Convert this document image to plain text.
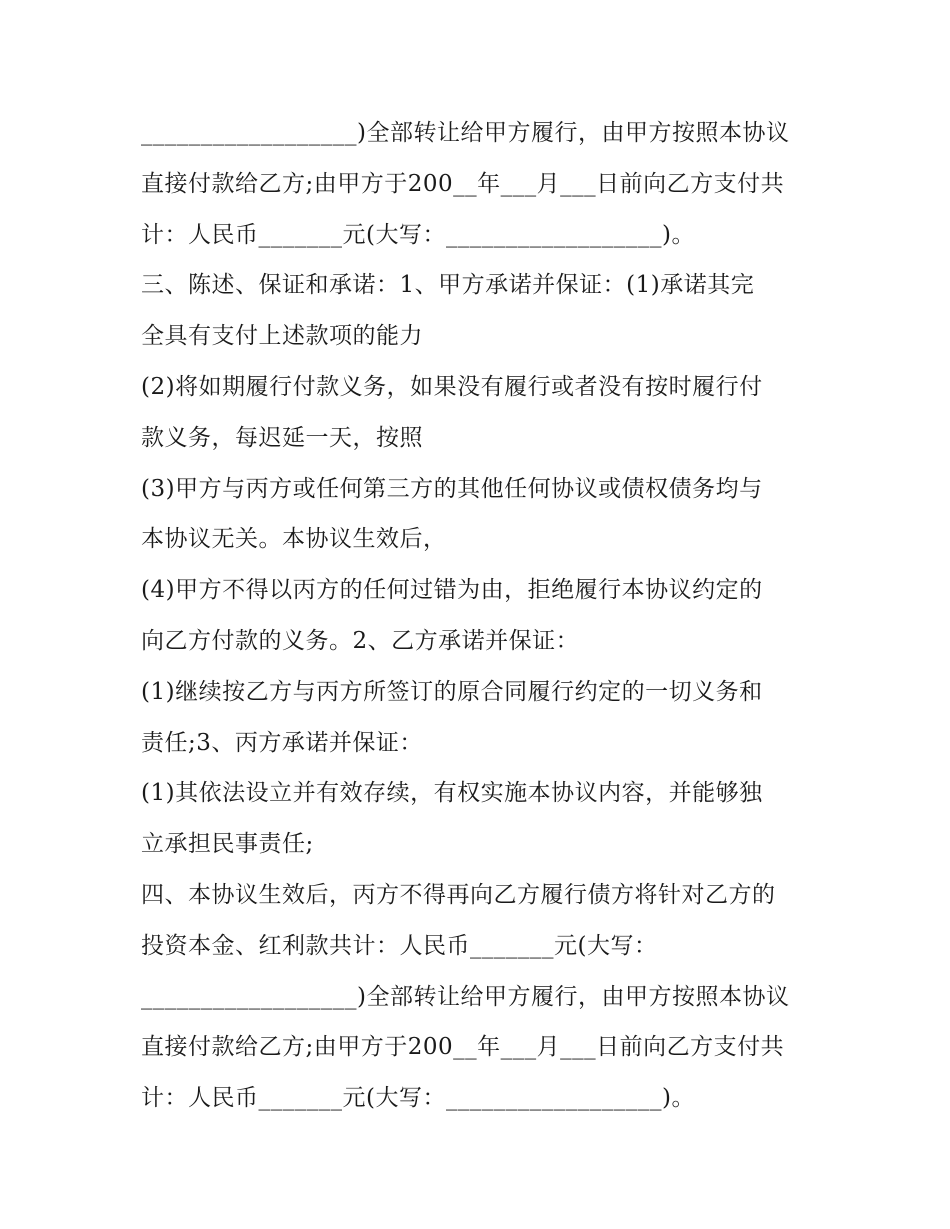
__________________)全部转让给甲方履行，由甲方按照本协议
直接付款给乙方;由甲方于200__年___月___日前向乙方支付共
计：人民币_______元(大写：__________________)。
三、陈述、保证和承诺：1、甲方承诺并保证：(1)承诺其完
全具有支付上述款项的能力
(2)将如期履行付款义务，如果没有履行或者没有按时履行付
款义务，每迟延一天，按照
(3)甲方与丙方或任何第三方的其他任何协议或债权债务均与
本协议无关。本协议生效后，
(4)甲方不得以丙方的任何过错为由，拒绝履行本协议约定的
向乙方付款的义务。2、乙方承诺并保证：
(1)继续按乙方与丙方所签订的原合同履行约定的一切义务和
责任;3、丙方承诺并保证：
(1)其依法设立并有效存续，有权实施本协议内容，并能够独
立承担民事责任;
四、本协议生效后，丙方不得再向乙方履行债方将针对乙方的
投资本金、红利款共计：人民币_______元(大写：
__________________)全部转让给甲方履行，由甲方按照本协议
直接付款给乙方;由甲方于200__年___月___日前向乙方支付共
计：人民币_______元(大写：__________________)。
